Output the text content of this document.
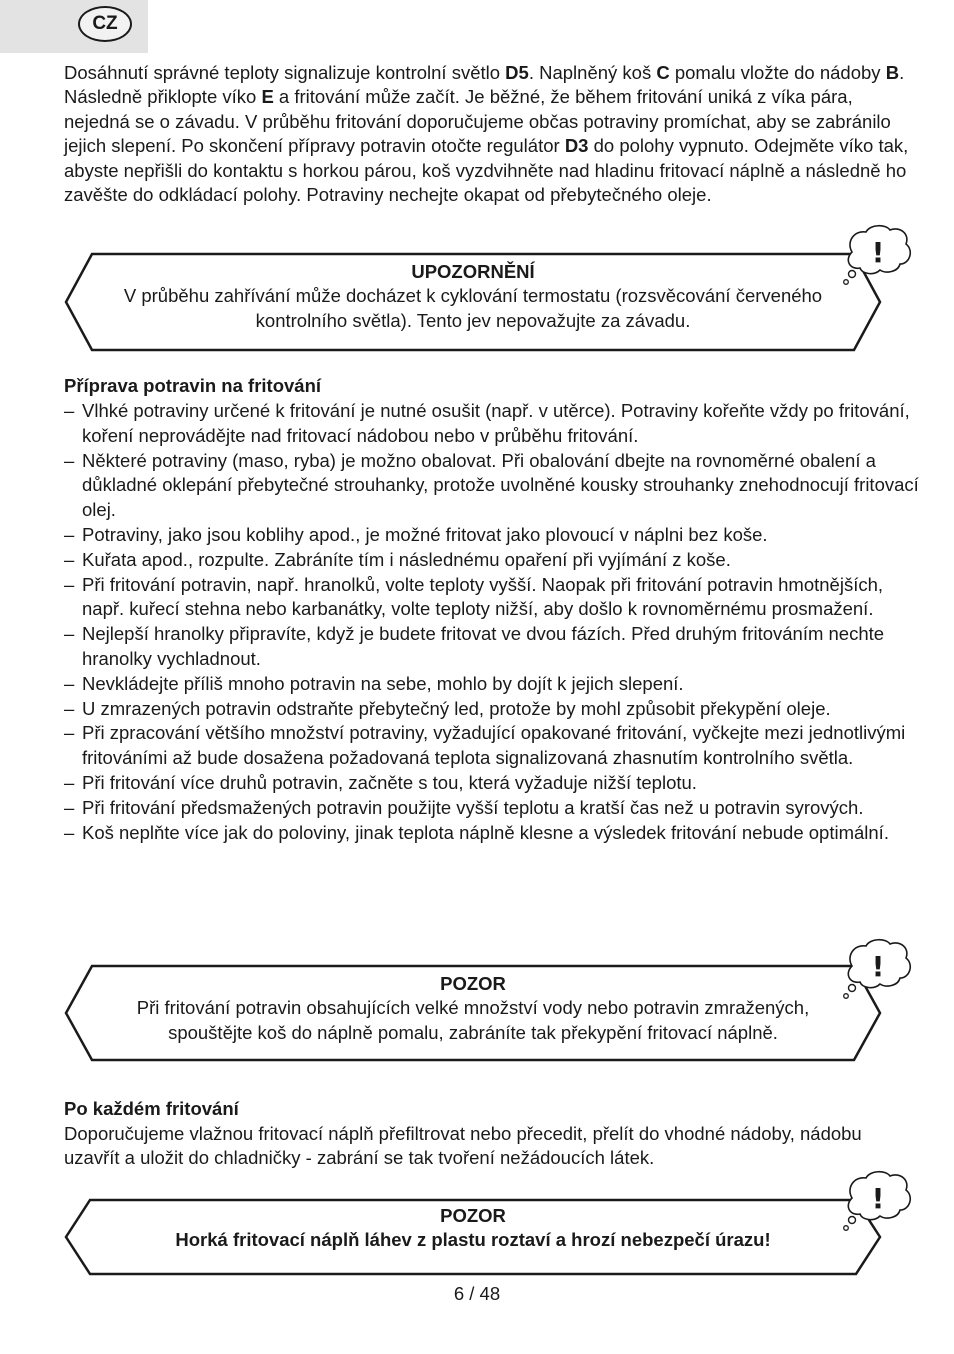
CZ

Dosáhnutí správné teploty signalizuje kontrolní světlo D5. Naplněný koš C pomalu vložte do nádoby B. Následně přiklopte víko E a fritování může začít. Je běžné, že během fritování uniká z víka pára, nejedná se o závadu. V průběhu fritování doporučujeme občas potraviny promíchat, aby se zabránilo jejich slepení. Po skončení přípravy potravin otočte regulátor D3 do polohy vypnuto. Odejměte víko tak, abyste nepřišli do kontaktu s horkou párou, koš vyzdvihněte nad hladinu fritovací náplně a následně ho zavěšte do odkládací polohy. Potraviny nechejte okapat od přebytečného oleje.

UPOZORNĚNÍ
V průběhu zahřívání může docházet k cyklování termostatu (rozsvěcování červeného
kontrolního světla). Tento jev nepovažujte za závadu.
!

Příprava potravin na fritování

– Vlhké potraviny určené k fritování je nutné osušit (např. v utěrce). Potraviny kořeňte vždy po fritování, koření neprovádějte nad fritovací nádobou nebo v průběhu fritování.
– Některé potraviny (maso, ryba) je možno obalovat. Při obalování dbejte na rovnoměrné obalení a důkladné oklepání přebytečné strouhanky, protože uvolněné kousky strouhanky znehodnocují fritovací olej.
– Potraviny, jako jsou koblihy apod., je možné fritovat jako plovoucí v náplni bez koše.
– Kuřata apod., rozpulte. Zabráníte tím i následnému opaření při vyjímání z koše.
– Při fritování potravin, např. hranolků, volte teploty vyšší. Naopak při fritování potravin hmotnějších, např. kuřecí stehna nebo karbanátky, volte teploty nižší, aby došlo k rovnoměrnému prosmažení.
– Nejlepší hranolky připravíte, když je budete fritovat ve dvou fázích. Před druhým fritováním nechte hranolky vychladnout.
– Nevkládejte příliš mnoho potravin na sebe, mohlo by dojít k jejich slepení.
– U zmrazených potravin odstraňte přebytečný led, protože by mohl způsobit překypění oleje.
– Při zpracování většího množství potraviny, vyžadující opakované fritování, vyčkejte mezi jednotlivými fritováními až bude dosažena požadovaná teplota signalizovaná zhasnutím kontrolního světla.
– Při fritování více druhů potravin, začněte s tou, která vyžaduje nižší teplotu.
– Při fritování předsmažených potravin použijte vyšší teplotu a kratší čas než u potravin syrových.
– Koš neplňte více jak do poloviny, jinak teplota náplně klesne a výsledek fritování nebude optimální.
POZOR
Při fritování potravin obsahujících velké množství vody nebo potravin zmražených,
spouštějte koš do náplně pomalu, zabráníte tak překypění fritovací náplně.
!

Po každém fritování

Doporučujeme vlažnou fritovací náplň přefiltrovat nebo přecedit, přelít do vhodné nádoby, nádobu uzavřít a uložit do chladničky - zabrání se tak tvoření nežádoucích látek.

POZOR
Horká fritovací náplň láhev z plastu roztaví a hrozí nebezpečí úrazu!
!
6 / 48
